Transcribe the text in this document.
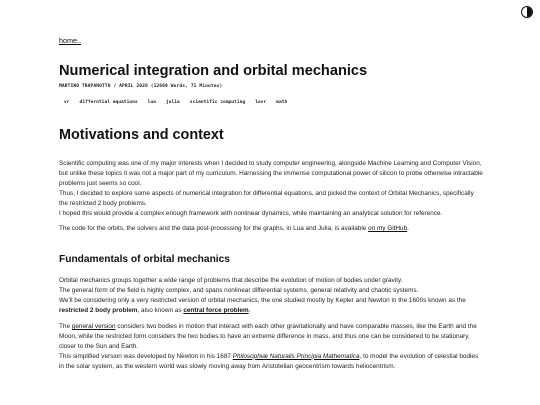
home..
Numerical integration and orbital mechanics
MARTINO TRAPANOTTO / APRIL 2026 (12669 Words, 71 Minutes)
vr	differntial equations	lua	julia	scientific computing	lovr	math
Motivations and context

Scientific computing was one of my major interests when I decided to study computer engineering, alongside Machine Learning and Computer Vision, but unlike these topics it was not a major part of my curriculum. Harnessing the immense computational power of silicon to probe otherwise intractable problems just seems so cool.

Thus, I decided to explore some aspects of numerical integration for differential equations, and picked the context of Orbital Mechanics, specifically the restricted 2 body problems.

I hoped this would provide a complex enough framework with nonlinear dynamics, while maintaining an analytical solution for reference.

The code for the orbits, the solvers and the data post-processing for the graphs, in Lua and Julia, is available on my GitHub.

Fundamentals of orbital mechanics

Orbital mechanics groups together a wide range of problems that describe the evolution of motion of bodies under gravity.

The general form of the field is highly complex, and spans nonlinear differential systems, general relativity and chaotic systems.

We'll be considering only a very restricted version of orbital mechanics, the one studied mostly by Kepler and Newton in the 1600s known as the restricted 2 body problem, also known as central force problem.

The general version considers two bodies in motion that interact with each other gravitationally and have comparable masses, like the Earth and the Moon, while the restricted form considers the two bodies to have an extreme difference in mass, and thus one can be considered to be stationary, closer to the Sun and Earth.

This simplified version was developed by Newton in his 1687 Philosophiæ Naturalis Principia Mathematica, to model the evolution of celestial bodies in the solar system, as the western world was slowly moving away from Aristotelian geocentrism towards heliocentrism.
